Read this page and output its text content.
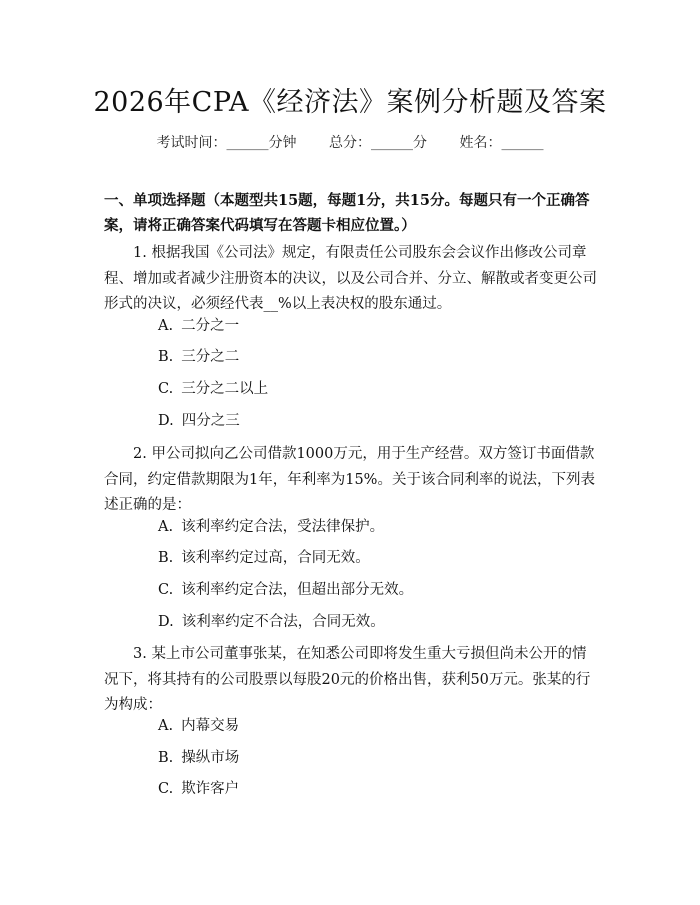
2026年CPA《经济法》案例分析题及答案
考试时间：______分钟 总分：______分 姓名：______
一、单项选择题（本题型共15题，每题1分，共15分。每题只有一个正确答案，请将正确答案代码填写在答题卡相应位置。）
1. 根据我国《公司法》规定，有限责任公司股东会会议作出修改公司章程、增加或者减少注册资本的决议，以及公司合并、分立、解散或者变更公司形式的决议，必须经代表__%以上表决权的股东通过。
A. 二分之一
B. 三分之二
C. 三分之二以上
D. 四分之三
2. 甲公司拟向乙公司借款1000万元，用于生产经营。双方签订书面借款合同，约定借款期限为1年，年利率为15%。关于该合同利率的说法，下列表述正确的是：
A. 该利率约定合法，受法律保护。
B. 该利率约定过高，合同无效。
C. 该利率约定合法，但超出部分无效。
D. 该利率约定不合法，合同无效。
3. 某上市公司董事张某，在知悉公司即将发生重大亏损但尚未公开的情况下，将其持有的公司股票以每股20元的价格出售，获利50万元。张某的行为构成：
A. 内幕交易
B. 操纵市场
C. 欺诈客户
